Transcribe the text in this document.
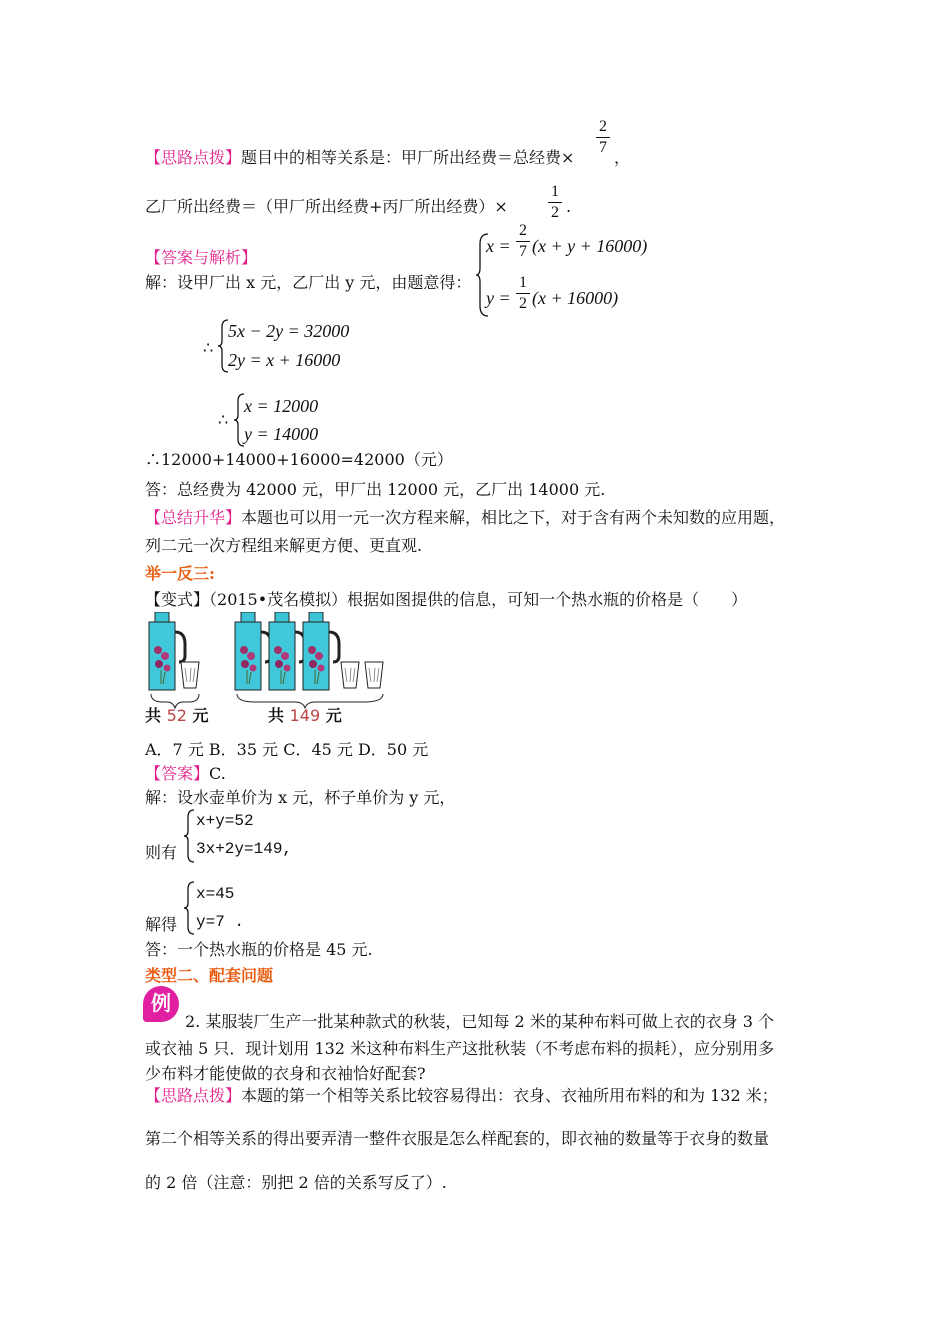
【思路点拨】题目中的相等关系是：甲厂所出经费＝总经费×
2
7
，
乙厂所出经费＝（甲厂所出经费+丙厂所出经费）×
1
2 .
【答案与解析】
解：设甲厂出 x 元，乙厂出 y 元，由题意得：
x =
2
7 (x + y + 16000)
y =
1
2 (x + 16000)
∴
5x − 2y = 32000
2y = x + 16000
∴
x = 12000
y = 14000
∴12000+14000+16000=42000（元）
答：总经费为 42000 元，甲厂出 12000 元，乙厂出 14000 元.
【总结升华】本题也可以用一元一次方程来解，相比之下，对于含有两个未知数的应用题，
列二元一次方程组来解更方便、更直观.
举一反三:
【变式】（2015•茂名模拟）根据如图提供的信息，可知一个热水瓶的价格是（　　）
共 52 元	共 149 元
A．7 元 B．35 元 C．45 元 D．50 元
【答案】C.
解：设水壶单价为 x 元，杯子单价为 y 元，
则有
x+y=52
3x+2y=149,
解得
x=45
y=7 .
答：一个热水瓶的价格是 45 元.
类型二、配套问题
例
2. 某服装厂生产一批某种款式的秋装，已知每 2 米的某种布料可做上衣的衣身 3 个
或衣袖 5 只．现计划用 132 米这种布料生产这批秋装（不考虑布料的损耗），应分别用多
少布料才能使做的衣身和衣袖恰好配套?
【思路点拨】本题的第一个相等关系比较容易得出：衣身、衣袖所用布料的和为 132 米；
第二个相等关系的得出要弄清一整件衣服是怎么样配套的，即衣袖的数量等于衣身的数量
的 2 倍（注意：别把 2 倍的关系写反了）.
